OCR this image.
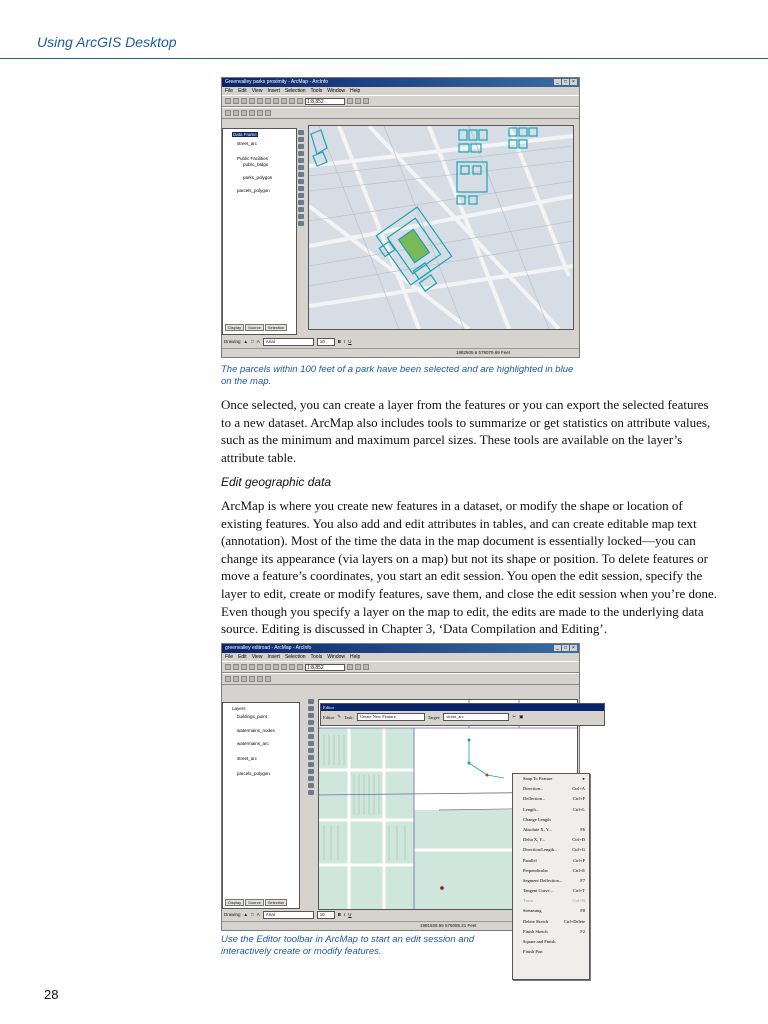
Using ArcGIS Desktop
Greenvalley parks proximity - ArcMap - ArcInfo	_	□	×
File Edit View Insert Selection Tools Window Help
1:8,852
Data Frame
street_arc
Public Facilities
public_bldgs
parks_polygon
parcels_polygon
Display	Source	Selection
Drawing ▲ □ A	Arial	10	B I U
1982505.6 579079.69 Feet
The parcels within 100 feet of a park have been selected and are highlighted in blue on the map.

Once selected, you can create a layer from the features or you can export the selected features to a new dataset. ArcMap also includes tools to summarize or get statistics on attribute values, such as the minimum and maximum parcel sizes. These tools are available on the layer’s attribute table.

Edit geographic data

ArcMap is where you create new features in a dataset, or modify the shape or location of existing features. You also add and edit attributes in tables, and can create editable map text (annotation). Most of the time the data in the map document is essentially locked—you can change its appearance (via layers on a map) but not its shape or position. To delete features or move a feature’s coordinates, you start an edit session. You open the edit session, specify the layer to edit, create or modify features, save them, and close the edit session when you’re done. Even though you specify a layer on the map to edit, the edits are made to the underlying data source. Editing is discussed in Chapter 3, ‘Data Compilation and Editing’.

greenvalley editroad - ArcMap - ArcInfo	_	□	×
File Edit View Insert Selection Tools Window Help
1:8,852
Layers
buildings_point
watermains_nodes
watermains_arc
street_arc
parcels_polygon
Display	Source	Selection
Drawing ▲ □ A	Arial	10	B I U
1981828.55 576085.21 Feet
Editor
Editor ✎ Task:	Create New Feature	Target:	street_arc	✂ ▣
Snap To Feature	▸
Direction...	Ctrl+A
Deflection...	Ctrl+F
Length...	Ctrl+L
Change Length
Absolute X, Y...	F6
Delta X, Y...	Ctrl+D
Direction/Length...	Ctrl+G
Parallel	Ctrl+P
Perpendicular	Ctrl+E
Segment Deflection...	F7
Tangent Curve...	Ctrl+T
Trace	Ctrl+R
Streaming	F8
Delete Sketch	Ctrl+Delete
Finish Sketch	F2
Square and Finish
Finish Part
Use the Editor toolbar in ArcMap to start an edit session and interactively create or modify features.
28
